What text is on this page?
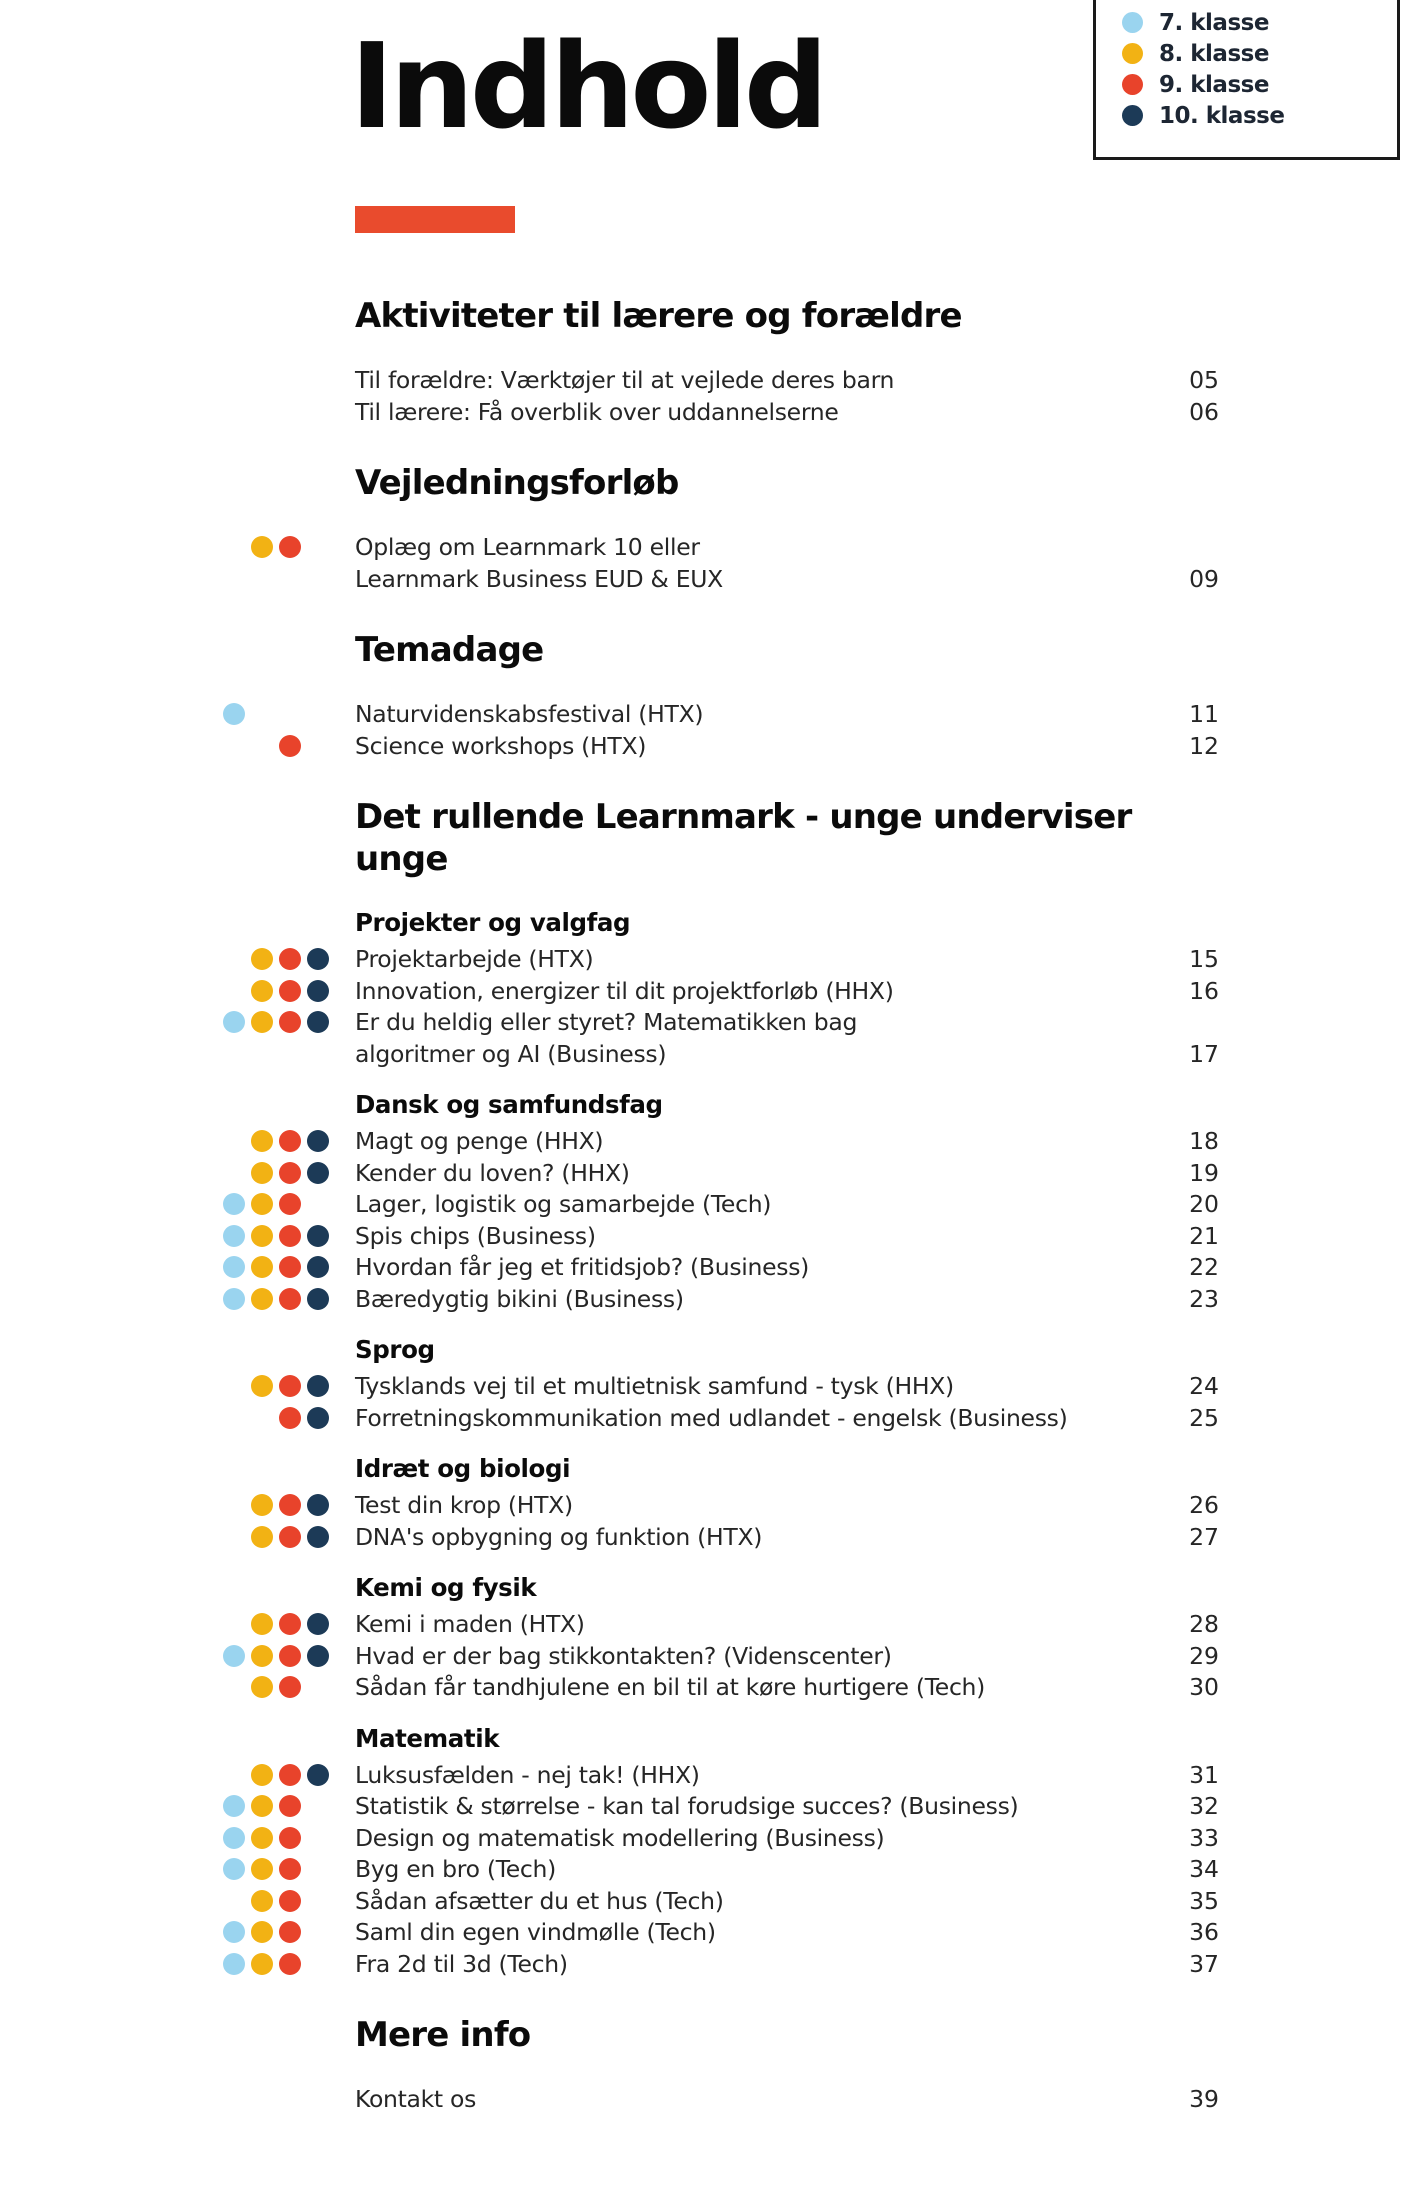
Indhold	7. klasse
8. klasse
9. klasse
10. klasse
Aktiviteter til lærere og forældre
Til forældre: Værktøjer til at vejlede deres barn	05
Til lærere: Få overblik over uddannelserne	06
Vejledningsforløb
Oplæg om Learnmark 10 eller
Learnmark Business EUD & EUX	09
Temadage
Naturvidenskabsfestival (HTX)	11
Science workshops (HTX)	12
Det rullende Learnmark - unge underviser unge
Projekter og valgfag
Projektarbejde (HTX)	15
Innovation, energizer til dit projektforløb (HHX)	16
Er du heldig eller styret? Matematikken bag
algoritmer og AI (Business)	17
Dansk og samfundsfag
Magt og penge (HHX)	18
Kender du loven? (HHX)	19
Lager, logistik og samarbejde (Tech)	20
Spis chips (Business)	21
Hvordan får jeg et fritidsjob? (Business)	22
Bæredygtig bikini (Business)	23
Sprog
Tysklands vej til et multietnisk samfund - tysk (HHX)	24
Forretningskommunikation med udlandet - engelsk (Business)	25
Idræt og biologi
Test din krop (HTX)	26
DNA's opbygning og funktion (HTX)	27
Kemi og fysik
Kemi i maden (HTX)	28
Hvad er der bag stikkontakten? (Videnscenter)	29
Sådan får tandhjulene en bil til at køre hurtigere (Tech)	30
Matematik
Luksusfælden - nej tak! (HHX)	31
Statistik & størrelse - kan tal forudsige succes? (Business)	32
Design og matematisk modellering (Business)	33
Byg en bro (Tech)	34
Sådan afsætter du et hus (Tech)	35
Saml din egen vindmølle (Tech)	36
Fra 2d til 3d (Tech)	37
Mere info
Kontakt os	39
